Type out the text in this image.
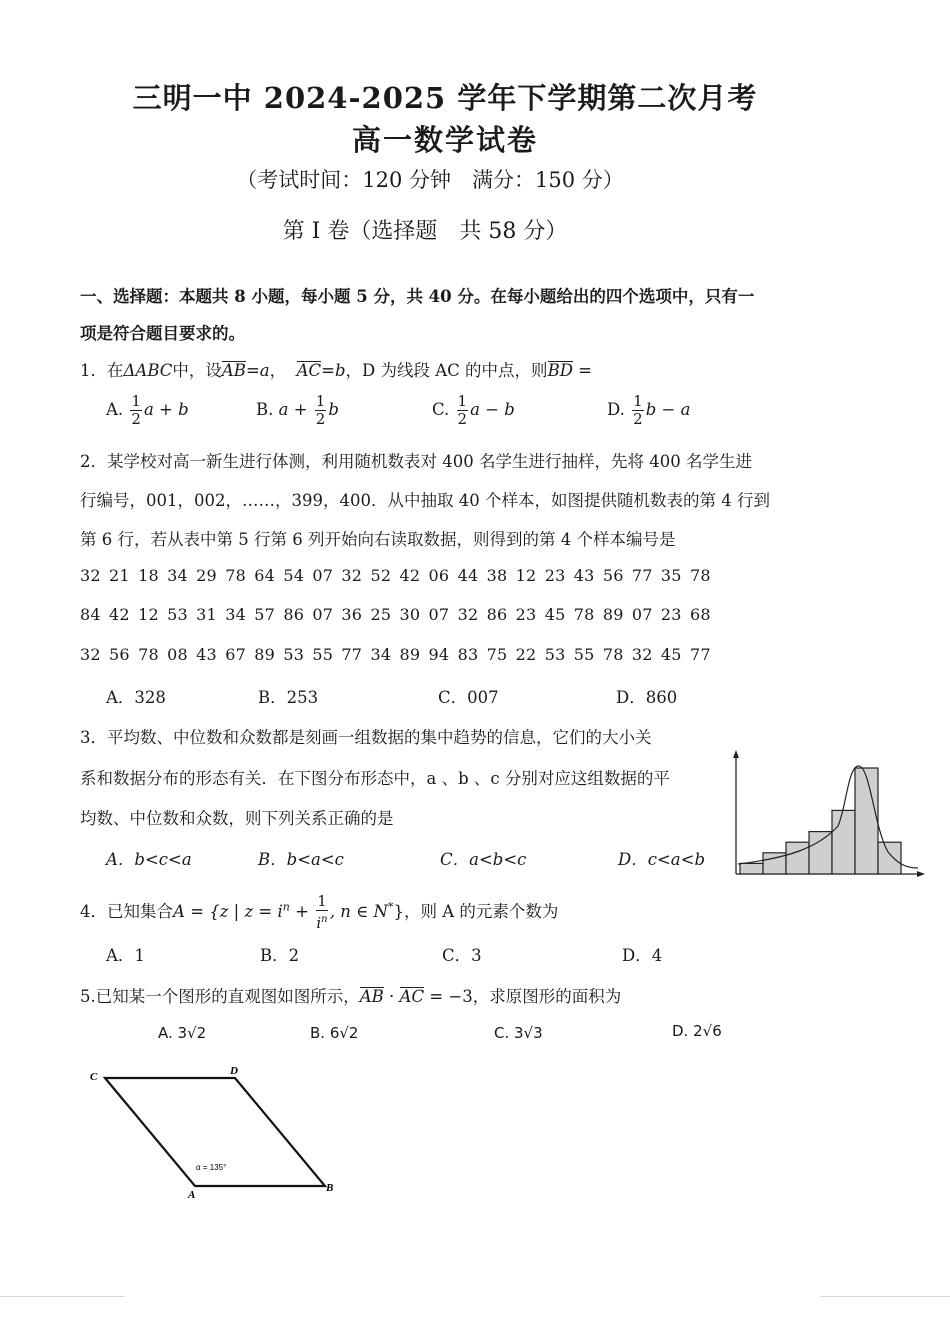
三明一中 2024-2025 学年下学期第二次月考
高一数学试卷
（考试时间：120 分钟　满分：150 分）
第 I 卷（选择题　共 58 分）
一、选择题：本题共 8 小题，每小题 5 分，共 40 分。在每小题给出的四个选项中，只有一
项是符合题目要求的。
1．在ΔABC中，设AB=a， AC=b，D 为线段 AC 的中点，则BD =
A. $\frac{1}{2}$ a + b	B. $a + \frac{1}{2}$ b	C. $\frac{1}{2}$ a − b	D. $\frac{1}{2}$ b − a
2．某学校对高一新生进行体测，利用随机数表对 400 名学生进行抽样，先将 400 名学生进
行编号，001，002，……，399，400．从中抽取 40 个样本，如图提供随机数表的第 4 行到
第 6 行，若从表中第 5 行第 6 列开始向右读取数据，则得到的第 4 个样本编号是
32 21 18 34 29 78 64 54 07 32 52 42 06 44 38 12 23 43 56 77 35 78
84 42 12 53 31 34 57 86 07 36 25 30 07 32 86 23 45 78 89 07 23 68
32 56 78 08 43 67 89 53 55 77 34 89 94 83 75 22 53 55 78 32 45 77
A．328	B．253	C．007	D．860
3．平均数、中位数和众数都是刻画一组数据的集中趋势的信息，它们的大小关
系和数据分布的形态有关．在下图分布形态中，a 、b 、c 分别对应这组数据的平
均数、中位数和众数，则下列关系正确的是
A．b<c<a	B．b<a<c	C．a<b<c	D．c<a<b
4．已知集合A = {z | $z = i^n + \frac{1}{i^n}$ , n ∈ N*}，则 A 的元素个数为
A．1	B．2	C．3	D．4
5.已知某一个图形的直观图如图所示，AB · AC = −3，求原图形的面积为
A. 3√2	B. 6√2	C. 3√3	D. 2√6
C	D
A
B
α = 135°
